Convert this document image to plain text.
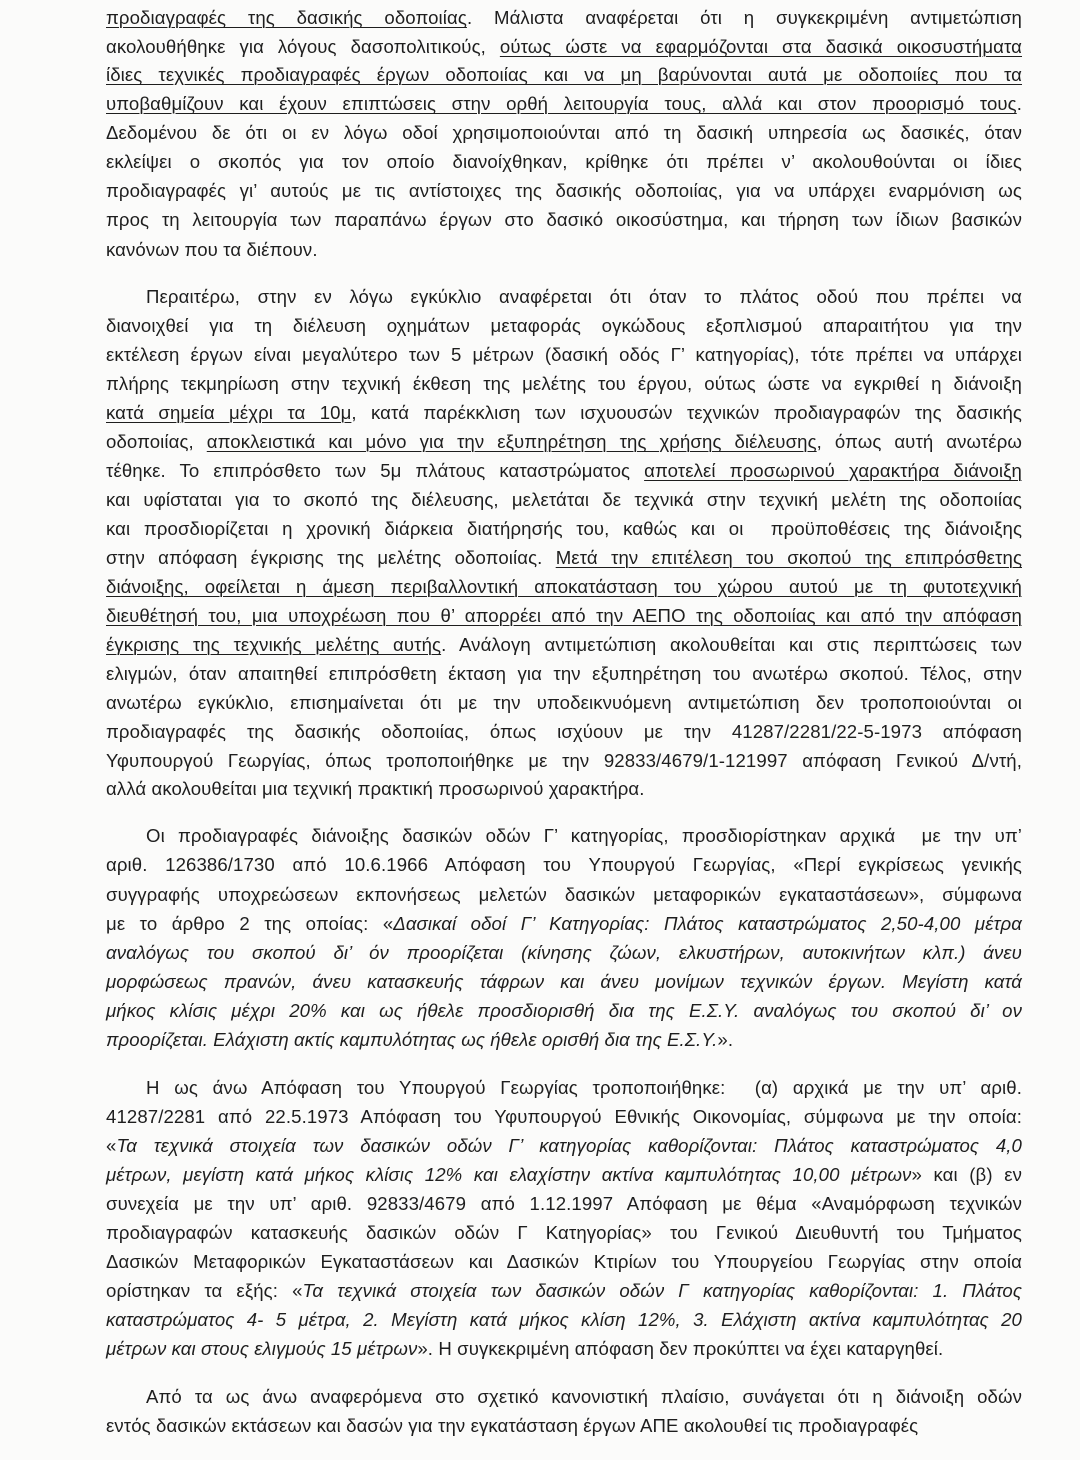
προδιαγραφές της δασικής οδοποιίας. Μάλιστα αναφέρεται ότι η συγκεκριμένη αντιμετώπιση
ακολουθήθηκε για λόγους δασοπολιτικούς, ούτως ώστε να εφαρμόζονται στα δασικά οικοσυστήματα
ίδιες τεχνικές προδιαγραφές έργων οδοποιίας και να μη βαρύνονται αυτά με οδοποιίες που τα
υποβαθμίζουν και έχουν επιπτώσεις στην ορθή λειτουργία τους, αλλά και στον προορισμό τους.
Δεδομένου δε ότι οι εν λόγω οδοί χρησιμοποιούνται από τη δασική υπηρεσία ως δασικές, όταν
εκλείψει ο σκοπός για τον οποίο διανοίχθηκαν, κρίθηκε ότι πρέπει ν’ ακολουθούνται οι ίδιες
προδιαγραφές γι’ αυτούς με τις αντίστοιχες της δασικής οδοποιίας, για να υπάρχει εναρμόνιση ως
προς τη λειτουργία των παραπάνω έργων στο δασικό οικοσύστημα, και τήρηση των ίδιων βασικών
κανόνων που τα διέπουν.
Περαιτέρω, στην εν λόγω εγκύκλιο αναφέρεται ότι όταν το πλάτος οδού που πρέπει να
διανοιχθεί για τη διέλευση οχημάτων μεταφοράς ογκώδους εξοπλισμού απαραιτήτου για την
εκτέλεση έργων είναι μεγαλύτερο των 5 μέτρων (δασική οδός Γ’ κατηγορίας), τότε πρέπει να υπάρχει
πλήρης τεκμηρίωση στην τεχνική έκθεση της μελέτης του έργου, ούτως ώστε να εγκριθεί η διάνοιξη
κατά σημεία μέχρι τα 10μ, κατά παρέκκλιση των ισχυουσών τεχνικών προδιαγραφών της δασικής
οδοποιίας, αποκλειστικά και μόνο για την εξυπηρέτηση της χρήσης διέλευσης, όπως αυτή ανωτέρω
τέθηκε. Το επιπρόσθετο των 5μ πλάτους καταστρώματος αποτελεί προσωρινού χαρακτήρα διάνοιξη
και υφίσταται για το σκοπό της διέλευσης, μελετάται δε τεχνικά στην τεχνική μελέτη της οδοποιίας
και προσδιορίζεται η χρονική διάρκεια διατήρησής του, καθώς και οι  προϋποθέσεις της διάνοιξης
στην απόφαση έγκρισης της μελέτης οδοποιίας. Μετά την επιτέλεση του σκοπού της επιπρόσθετης
διάνοιξης, οφείλεται η άμεση περιβαλλοντική αποκατάσταση του χώρου αυτού με τη φυτοτεχνική
διευθέτησή του, μια υποχρέωση που θ’ απορρέει από την ΑΕΠΟ της οδοποιίας και από την απόφαση
έγκρισης της τεχνικής μελέτης αυτής. Ανάλογη αντιμετώπιση ακολουθείται και στις περιπτώσεις των
ελιγμών, όταν απαιτηθεί επιπρόσθετη έκταση για την εξυπηρέτηση του ανωτέρω σκοπού. Τέλος, στην
ανωτέρω εγκύκλιο, επισημαίνεται ότι με την υποδεικνυόμενη αντιμετώπιση δεν τροποποιούνται οι
προδιαγραφές της δασικής οδοποιίας, όπως ισχύουν με την 41287/2281/22-5-1973 απόφαση
Υφυπουργού Γεωργίας, όπως τροποποιήθηκε με την 92833/4679/1-121997 απόφαση Γενικού Δ/ντή,
αλλά ακολουθείται μια τεχνική πρακτική προσωρινού χαρακτήρα.
Οι προδιαγραφές διάνοιξης δασικών οδών Γ’ κατηγορίας, προσδιορίστηκαν αρχικά  με την υπ’
αριθ. 126386/1730 από 10.6.1966 Απόφαση του Υπουργού Γεωργίας, «Περί εγκρίσεως γενικής
συγγραφής υποχρεώσεων εκπονήσεως μελετών δασικών μεταφορικών εγκαταστάσεων», σύμφωνα
με το άρθρο 2 της οποίας: «Δασικαί οδοί Γ’ Κατηγορίας: Πλάτος καταστρώματος 2,50-4,00 μέτρα
αναλόγως του σκοπού δι’ όν προορίζεται (κίνησης ζώων, ελκυστήρων, αυτοκινήτων κλπ.) άνευ
μορφώσεως πρανών, άνευ κατασκευής τάφρων και άνευ μονίμων τεχνικών έργων. Μεγίστη κατά
μήκος κλίσις μέχρι 20% και ως ήθελε προσδιορισθή δια της Ε.Σ.Υ. αναλόγως του σκοπού δι’ ον
προορίζεται. Ελάχιστη ακτίς καμπυλότητας ως ήθελε ορισθή δια της Ε.Σ.Υ.».
Η ως άνω Απόφαση του Υπουργού Γεωργίας τροποποιήθηκε:  (α) αρχικά με την υπ’ αριθ.
41287/2281 από 22.5.1973 Απόφαση του Υφυπουργού Εθνικής Οικονομίας, σύμφωνα με την οποία:
«Τα τεχνικά στοιχεία των δασικών οδών Γ’ κατηγορίας καθορίζονται: Πλάτος καταστρώματος 4,0
μέτρων, μεγίστη κατά μήκος κλίσις 12% και ελαχίστην ακτίνα καμπυλότητας 10,00 μέτρων» και (β) εν
συνεχεία με την υπ’ αριθ. 92833/4679 από 1.12.1997 Απόφαση με θέμα «Αναμόρφωση τεχνικών
προδιαγραφών κατασκευής δασικών οδών Γ Κατηγορίας» του Γενικού Διευθυντή του Τμήματος
Δασικών Μεταφορικών Εγκαταστάσεων και Δασικών Κτιρίων του Υπουργείου Γεωργίας στην οποία
ορίστηκαν τα εξής: «Τα τεχνικά στοιχεία των δασικών οδών Γ κατηγορίας καθορίζονται: 1. Πλάτος
καταστρώματος 4- 5 μέτρα, 2. Μεγίστη κατά μήκος κλίση 12%, 3. Ελάχιστη ακτίνα καμπυλότητας 20
μέτρων και στους ελιγμούς 15 μέτρων». Η συγκεκριμένη απόφαση δεν προκύπτει να έχει καταργηθεί.
Από τα ως άνω αναφερόμενα στο σχετικό κανονιστική πλαίσιο, συνάγεται ότι η διάνοιξη οδών
εντός δασικών εκτάσεων και δασών για την εγκατάσταση έργων ΑΠΕ ακολουθεί τις προδιαγραφές
